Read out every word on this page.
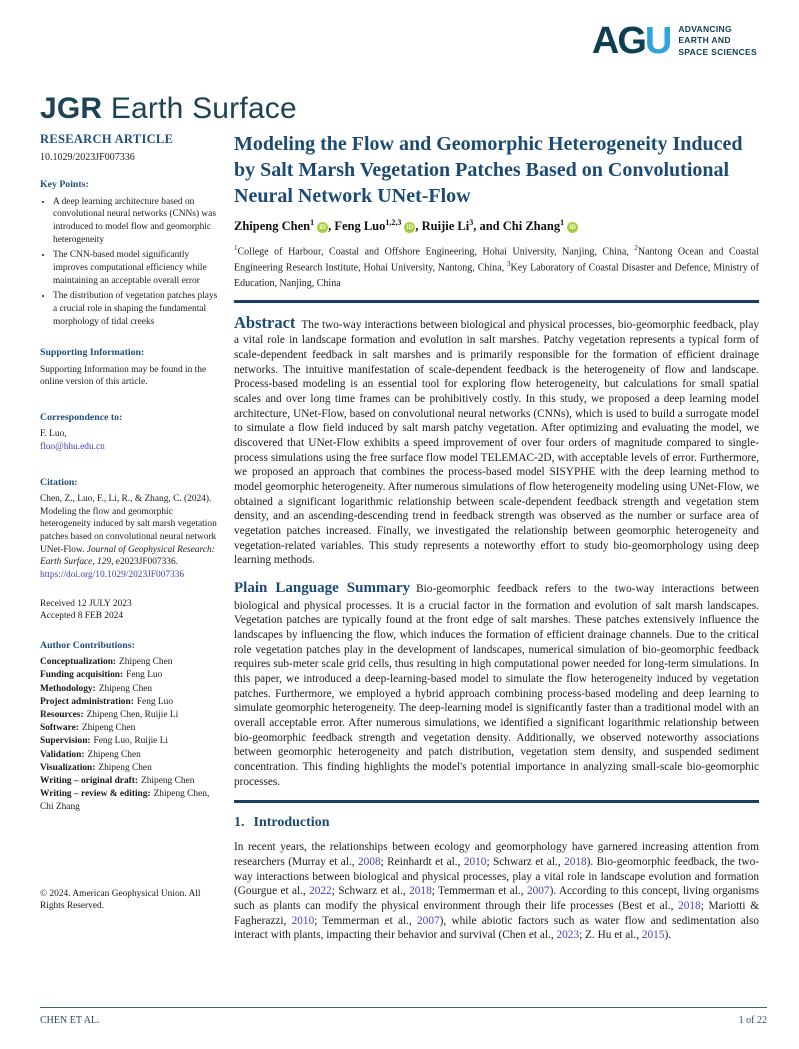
AGU ADVANCING
EARTH AND
SPACE SCIENCES
JGR Earth Surface
RESEARCH ARTICLE
10.1029/2023JF007336
Key Points:
• A deep learning architecture based on convolutional neural networks (CNNs) was introduced to model flow and geomorphic heterogeneity
• The CNN-based model significantly improves computational efficiency while maintaining an acceptable overall error
• The distribution of vegetation patches plays a crucial role in shaping the fundamental morphology of tidal creeks
Supporting Information:
Supporting Information may be found in the online version of this article.
Correspondence to:
F. Luo,
fluo@hhu.edu.cn
Citation:
Chen, Z., Luo, F., Li, R., & Zhang, C. (2024). Modeling the flow and geomorphic heterogeneity induced by salt marsh vegetation patches based on convolutional neural network UNet-Flow. Journal of Geophysical Research: Earth Surface, 129, e2023JF007336. https://doi.org/10.1029/2023JF007336
Received 12 JULY 2023
Accepted 8 FEB 2024
Author Contributions:
Conceptualization: Zhipeng Chen
Funding acquisition: Feng Luo
Methodology: Zhipeng Chen
Project administration: Feng Luo
Resources: Zhipeng Chen, Ruijie Li
Software: Zhipeng Chen
Supervision: Feng Luo, Ruijie Li
Validation: Zhipeng Chen
Visualization: Zhipeng Chen
Writing – original draft: Zhipeng Chen
Writing – review & editing: Zhipeng Chen, Chi Zhang
© 2024. American Geophysical Union. All Rights Reserved.
Modeling the Flow and Geomorphic Heterogeneity Induced by Salt Marsh Vegetation Patches Based on Convolutional Neural Network UNet-Flow
Zhipeng Chen$^1$iD , Feng Luo$^{1,2,3}$iD , Ruijie Li$^3$, and Chi Zhang$^1$iD
$^1$College of Harbour, Coastal and Offshore Engineering, Hohai University, Nanjing, China, $^2$Nantong Ocean and Coastal Engineering Research Institute, Hohai University, Nantong, China, $^3$Key Laboratory of Coastal Disaster and Defence, Ministry of Education, Nanjing, China

Abstract The two-way interactions between biological and physical processes, bio-geomorphic feedback, play a vital role in landscape formation and evolution in salt marshes. Patchy vegetation represents a typical form of scale-dependent feedback in salt marshes and is primarily responsible for the formation of efficient drainage networks. The intuitive manifestation of scale-dependent feedback is the heterogeneity of flow and landscape. Process-based modeling is an essential tool for exploring flow heterogeneity, but calculations for small spatial scales and over long time frames can be prohibitively costly. In this study, we proposed a deep learning model architecture, UNet-Flow, based on convolutional neural networks (CNNs), which is used to build a surrogate model to simulate a flow field induced by salt marsh patchy vegetation. After optimizing and evaluating the model, we discovered that UNet-Flow exhibits a speed improvement of over four orders of magnitude compared to single-process simulations using the free surface flow model TELEMAC-2D, with acceptable levels of error. Furthermore, we proposed an approach that combines the process-based model SISYPHE with the deep learning method to model geomorphic heterogeneity. After numerous simulations of flow heterogeneity modeling using UNet-Flow, we obtained a significant logarithmic relationship between scale-dependent feedback strength and vegetation stem density, and an ascending-descending trend in feedback strength was observed as the number or surface area of vegetation patches increased. Finally, we investigated the relationship between geomorphic heterogeneity and vegetation-related variables. This study represents a noteworthy effort to study bio-geomorphology using deep learning methods.

Plain Language Summary Bio-geomorphic feedback refers to the two-way interactions between biological and physical processes. It is a crucial factor in the formation and evolution of salt marsh landscapes. Vegetation patches are typically found at the front edge of salt marshes. These patches extensively influence the landscapes by influencing the flow, which induces the formation of efficient drainage channels. Due to the critical role vegetation patches play in the development of landscapes, numerical simulation of bio-geomorphic feedback requires sub-meter scale grid cells, thus resulting in high computational power needed for long-term simulations. In this paper, we introduced a deep-learning-based model to simulate the flow heterogeneity induced by vegetation patches. Furthermore, we employed a hybrid approach combining process-based modeling and deep learning to simulate geomorphic heterogeneity. The deep-learning model is significantly faster than a traditional model with an overall acceptable error. After numerous simulations, we identified a significant logarithmic relationship between bio-geomorphic feedback strength and vegetation density. Additionally, we observed noteworthy associations between geomorphic heterogeneity and patch distribution, vegetation stem density, and suspended sediment concentration. This finding highlights the model's potential importance in analyzing small-scale bio-geomorphic processes.

1. Introduction

In recent years, the relationships between ecology and geomorphology have garnered increasing attention from researchers (Murray et al., 2008; Reinhardt et al., 2010; Schwarz et al., 2018). Bio-geomorphic feedback, the two-way interactions between biological and physical processes, play a vital role in landscape evolution and formation (Gourgue et al., 2022; Schwarz et al., 2018; Temmerman et al., 2007). According to this concept, living organisms such as plants can modify the physical environment through their life processes (Best et al., 2018; Mariotti & Fagherazzi, 2010; Temmerman et al., 2007), while abiotic factors such as water flow and sedimentation also interact with plants, impacting their behavior and survival (Chen et al., 2023; Z. Hu et al., 2015).

CHEN ET AL.	1 of 22
